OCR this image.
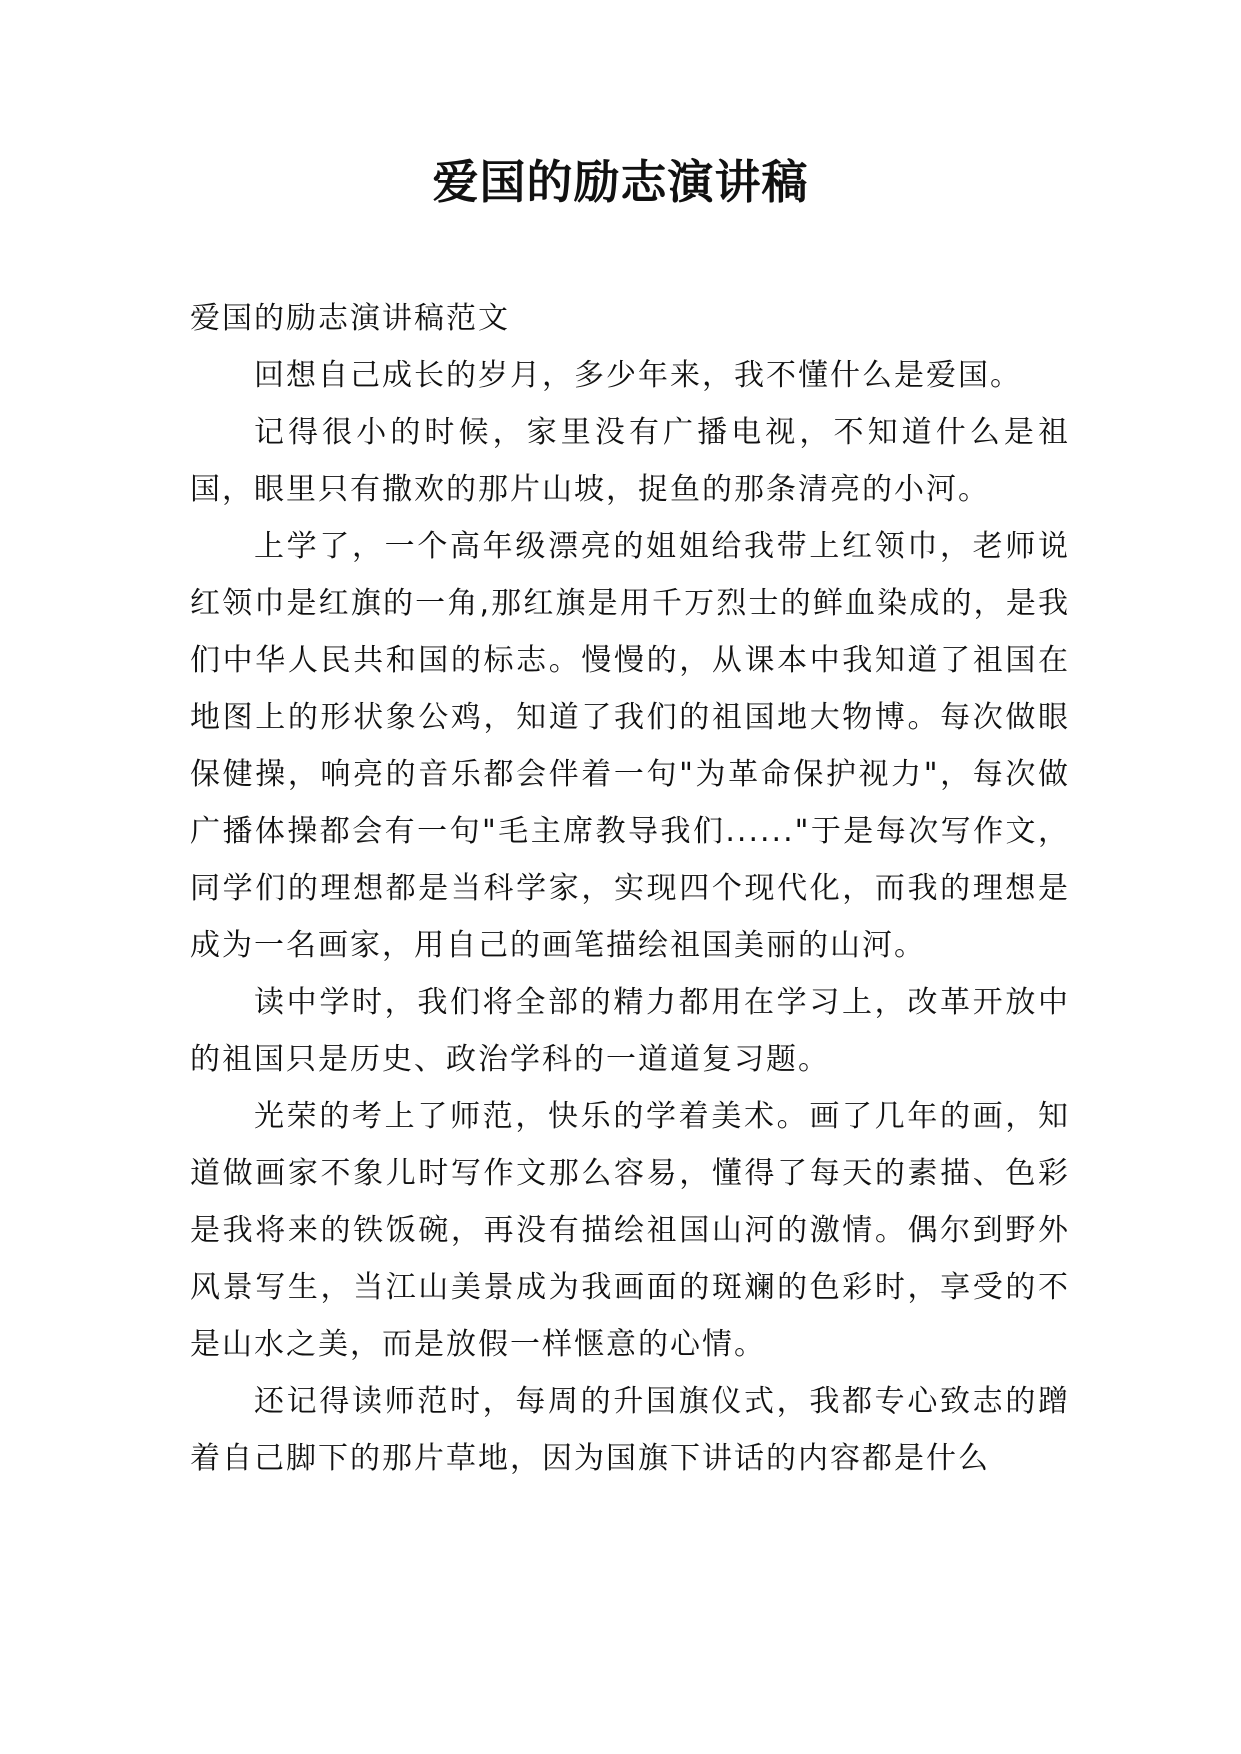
爱国的励志演讲稿

爱国的励志演讲稿范文

回想自己成长的岁月，多少年来，我不懂什么是爱国。

记得很小的时候，家里没有广播电视，不知道什么是祖国，眼里只有撒欢的那片山坡，捉鱼的那条清亮的小河。

上学了，一个高年级漂亮的姐姐给我带上红领巾，老师说红领巾是红旗的一角,那红旗是用千万烈士的鲜血染成的，是我们中华人民共和国的标志。慢慢的，从课本中我知道了祖国在地图上的形状象公鸡，知道了我们的祖国地大物博。每次做眼保健操，响亮的音乐都会伴着一句"为革命保护视力"，每次做广播体操都会有一句"毛主席教导我们......"于是每次写作文，同学们的理想都是当科学家，实现四个现代化，而我的理想是成为一名画家，用自己的画笔描绘祖国美丽的山河。

读中学时，我们将全部的精力都用在学习上，改革开放中的祖国只是历史、政治学科的一道道复习题。

光荣的考上了师范，快乐的学着美术。画了几年的画，知道做画家不象儿时写作文那么容易，懂得了每天的素描、色彩是我将来的铁饭碗，再没有描绘祖国山河的激情。偶尔到野外风景写生，当江山美景成为我画面的斑斓的色彩时，享受的不是山水之美，而是放假一样惬意的心情。

还记得读师范时，每周的升国旗仪式，我都专心致志的蹭着自己脚下的那片草地，因为国旗下讲话的内容都是什么
